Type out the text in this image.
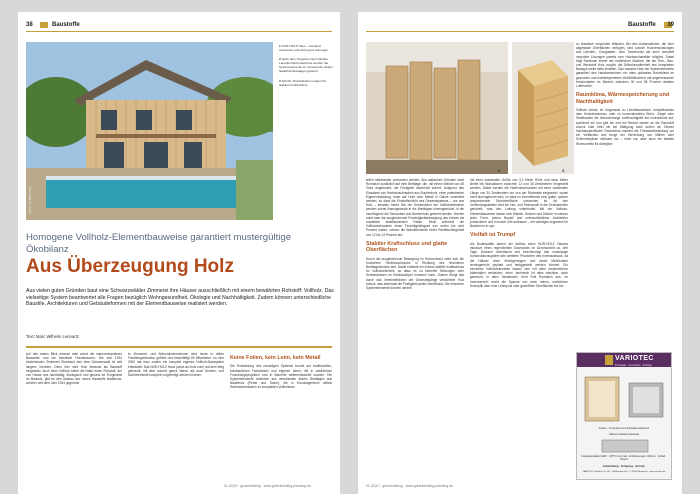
38	Baustoffe
FOTO: WEBER HAUS

1 NUR-HOLZ Haus – komplett verleimfrei und nicht ganz homogen

2 Nach dem Vorgeben des Holzbau Lamellen Bohrmaschine werden die Systemelemente zu versehenen dicken Nadelholzbrettlagen gebohrt

3 Schnitt: Holzstäbchen eingen für stabilen Kraftschluss

Homogene Vollholz-Elementbauweise garantiert mustergültige Ökobilanz
Aus Überzeugung Holz
Aus vielen guten Gründen baut eine Schwarzwälder Zimmerei ihre Häuser ausschließlich mit einem bewährten Rohstoff: Vollholz. Das vielseitige System beantwortet alle Fragen bezüglich Wohngesundheit, Ökologie und Nachhaltigkeit. Zudem können unterschiedliche Baustile, Architekturen und Gebäudeformen mit der Elementbauweise realisiert werden.
Text: Marc Wilhelm Lennartz
Auf den ersten Blick erkennt man sofort die naturverbundenen Bauweise und die bewährte Holzbaukunst. Die seit 1934 bestehenden Zimmerei Rombach aus dem Schwarzwald ist seit langem Vorreiter: Denn hier wird Holz bewusst als Baustoff eingesetzt. Auch beim Vollholz bietet die Natur einen Rohstoff, der von Hause aus nachhaltig, ökologisch und gesund ist. Eingesetzt im Bauholz, gibt es den Ausbau des neuen Baustoffs Nadelholz, welcher seit dem Jahr 1934 gegründe
te Zimmerei- und Abbundunternehmen wird heute in dritter Familiengeneration geführt und beschäftigt 55 Mitarbeiter. Im Jahr 2000 hat man zudem ein komplett eigenes Vollholz-Bausystem entwickelt. Das NUR-HOLZ Haus (www.nur-holz.com) auf dem Weg gebracht, mit dem sowohl ganze Wand- als auch Decken- und Dachelemente komplett vorgefertigt werden können.
Keine Folien, kein Leim, kein Metall
Die Entwicklung des neuartigen Systems beruht auf traditionellen, holzbaulichen Fachwissen und eigenen Ideen, die in zahlreichen Forschungsprojekten und in Baureife weiterentwickelt wurden. Die Systemelemente bestehen aus verschieden dicken Brettlagen aus Nadelholz (Fichte und Tanne), die in Kreuzlagenform mittels Hartholzschrauben zu kompakten Vollholzbau
01-02|10 · gruenbuilding · www.greenbuilding-planning.de
Baustoffe 39
2	3
teilen miteinander verbunden werden. Aus statischen Gründen setzt Rombach zusätzlich auf eine Brettlage, die, mit einem Winkel von 45 Grad angebracht, die Festigkeit dauerhaft sichert. Aufgrund des Einsatzes von Hartholzschrauben aus Buchenholz, einer patentierten Eigenentwicklung, kann auf Leim oder Metall in Gänze verzichtet werden, so dass die Einstoffschicht des Gesamtsystems – nur aus Holz – erhalten bleibt. Bei der Konstruktion der Vollholzelemente werden zuerst linsengewinde in die Brettlagen hineingedrückt, in die nachfolgend die Schrauben aus Buchenholz gedreht werden. Hierbei nutzt man die ausgleichende Feuchtigkeitsbewegung des Holzes als zusätzlich stabilisierenden Faktor. Denn während die Vollholzschrauben einen Feuchtigkeitsgrad von sechs bis acht Prozent haben, weisen die Wandelemente einen Restfeuchtegehalt von 12 bis 13 Prozent auf.
Stabiler Kraftschluss und glatte Oberflächen
Durch die ausgleichende Bewegung im Holzverbund zieht sich die trockenere Hartholzschraube in Richtung des feuchteren Brettlagenholzes fest. Damit entsteht ein extrem stabiler Kraftschluss im Vollholzelement, so dass es zu keinerlei Setzungen oder Schwindrissen im Holzbauköper kommen kann. Zudem dringt das durch das Vereinheitlichen der Gewindegänge verdichtete Holz zurück, was abermals die Festigkeit positiv beeinflusst. Die einzelnen Systemelemente können derzeit
mit einer maximalen Größe von 3,2 Meter Höhe und neun Meter Breite bei Wanddicken zwischen 12 und 38 Zentimetern hergestellt werden. Dabei werden die Hartholzschrauben mit einer maximalen Länge von 34 Zentimetern nur von der Rückseite eingesetzt, wobei nicht durchgebohrt wird, so dass im Innenbereich eine glatte, optisch ansprechende Sichtoberfläche vorhanden ist. An den Verbindungsstellen wird ein Nut- und Federprofil in die Decklamellen gehobelt, was den Luftzug unterbindet. Mit der Vollholz-Elementbauweise lassen sich Wände, Decken und Dächer in nahezu jeder Form, jedem Baustil und unterschiedlicher Architektur produzieren und in kurzer Zeit aufbauen – ein wichtiges Argument für Bauherren in spe.
Vielfalt ist Trumpf
Als Bodenplatte dauert der Aufbau eines NUR-HOLZ Hauses inklusive eines regendichten Dachstuhls im Durchschnitt ca. drei Tage. Dadurch vereinfacht und beschleunigt das modularige Konstruktionssystem den weiteren Prozedere des Innenausbaus, da die Häuser ohne Verzögerungen und damit Mehrkosten termingerecht geplant und fertiggestellt werden können. Ein einzelnes Vollholzelemente lassen sich mit allen ersdenklichen Materialien verkleiden, denn „technisch ist alles machbar, auch gemischt, in allen Variationen“ führt Rolf Rombach aus. Im Innenbereich reicht die Spanne von einer reinen, natürlichen Holzoptik über eine Lehmputz oder geweißten Oberflächen bis hin
zu klassisch verputzten Wänden. Bei den Außenwänden, die über abgeflaste Oberflächen verfügen, sind sowohl Holzverschalungen aus Lärchen-, Douglasien- oder Tannenholz als auch komplett verputzte Lösungen jeweils vom Holzbaucharakter möglich. Dabei folgt Rombach immer der natürlichen Maxime, die der Roh-, Bau- und Werkstoff Holz vorgibt: die Diffusionsoffenheit des kompletten Bautyps bleibt stets erhalten. Das massive Holz der Systemelemente garantiert den Hausbewohnern ein stets optimales Raumklima im gesunden und wohltemperierten Wohlfühlkomfort mit angemessenen Heizbedarfen im Bereich zwischen 30 und 55 Prozent relativer Luftfeuchte.
Raumklima, Wärmespeicherung und Nachhaltigkeit
Vollholz nimmt, im Gegensatz zu Leichtbauweisen, beispielsweise dem Holzrahmenbau, oder zu konventionellen Stein-, Ziegel oder Stahlbauten die überschüssige Luftfeuchtigkeit der Innenräume auf, speichert sie und gibt sie erst bei Bedarf wieder an die Raumluft zurück oder führt sie bei Sättigung nach außen ab. Dieses holzbauspezifische Raumklima mindert die Feinstaubbelastung um ein Vielfaches und beugt der Verbreitung von Milben oder Schimmelpilzen wirksam vor – nicht nur, aber auch ein ideales Wohnumfeld für Allergiker.
VARIOTEC
Produkte · Konzepte · Erfolge
Außen-, Innenwand und Fassadenelemente
Vakuum-Isolationspaneele
Fassadenplatten MAX · OPTO und max. Anforderungen: Wärme · Schall · Brand
Entwicklung · Fertigung · Vertrieb
VARIOTEC GmbH & Co. KG · Weißmarter Str. 3 · 92318 Neumarkt · www.variotec.de
01-02|10 · gruenbuilding · www.greenbuilding-planning.de
